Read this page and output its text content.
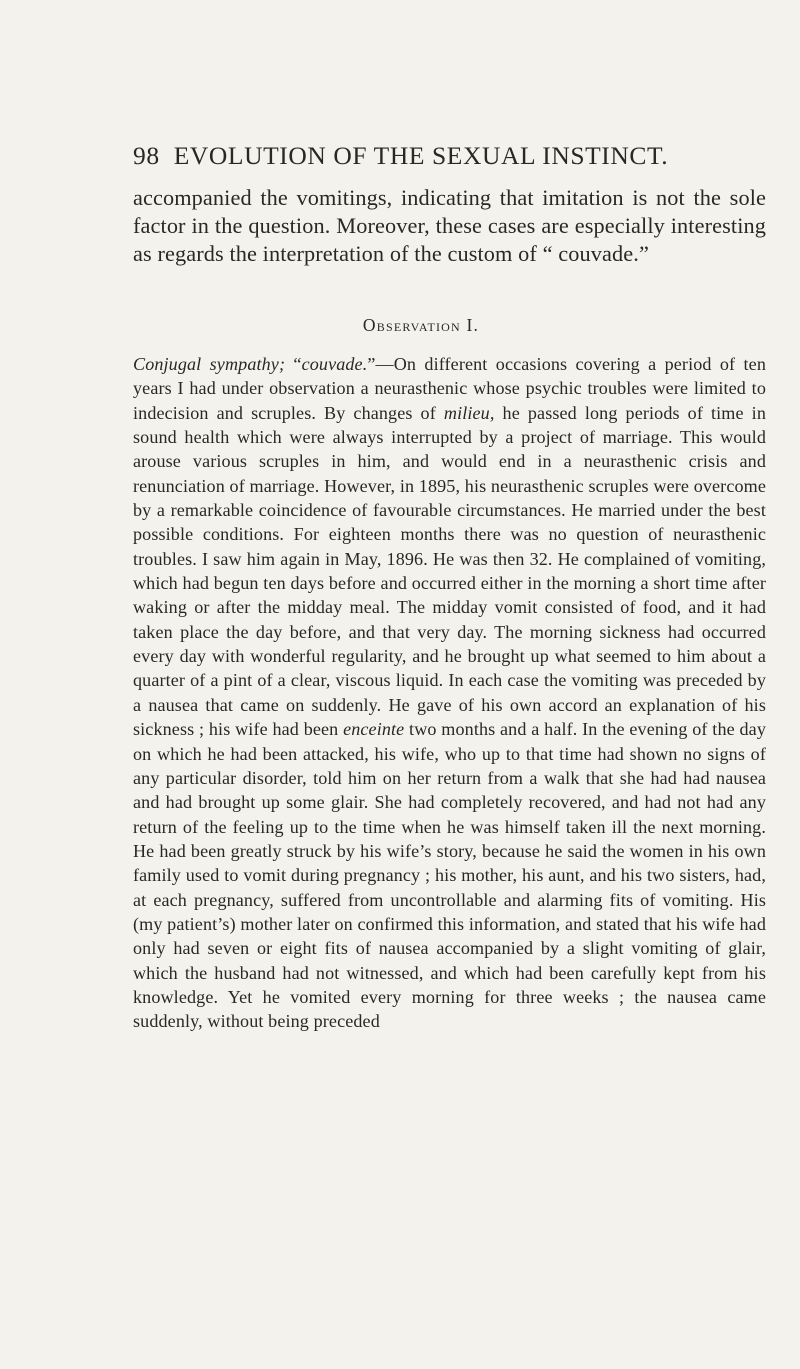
98 EVOLUTION OF THE SEXUAL INSTINCT.

accompanied the vomitings, indicating that imitation is not the sole factor in the question. Moreover, these cases are especially interesting as regards the interpretation of the custom of “ couvade.”

Observation I.

Conjugal sympathy; “couvade.”—On different occasions covering a period of ten years I had under observation a neurasthenic whose psychic troubles were limited to indecision and scruples. By changes of milieu, he passed long periods of time in sound health which were always interrupted by a project of marriage. This would arouse various scruples in him, and would end in a neurasthenic crisis and renunciation of marriage. However, in 1895, his neurasthenic scruples were overcome by a remarkable coincidence of favourable circumstances. He married under the best possible conditions. For eighteen months there was no question of neurasthenic troubles. I saw him again in May, 1896. He was then 32. He complained of vomiting, which had begun ten days before and occurred either in the morning a short time after waking or after the midday meal. The midday vomit consisted of food, and it had taken place the day before, and that very day. The morning sickness had occurred every day with wonderful regularity, and he brought up what seemed to him about a quarter of a pint of a clear, viscous liquid. In each case the vomiting was preceded by a nausea that came on suddenly. He gave of his own accord an explanation of his sickness ; his wife had been enceinte two months and a half. In the evening of the day on which he had been attacked, his wife, who up to that time had shown no signs of any particular disorder, told him on her return from a walk that she had had nausea and had brought up some glair. She had completely recovered, and had not had any return of the feeling up to the time when he was himself taken ill the next morning. He had been greatly struck by his wife’s story, because he said the women in his own family used to vomit during pregnancy ; his mother, his aunt, and his two sisters, had, at each pregnancy, suffered from uncontrollable and alarming fits of vomiting. His (my patient’s) mother later on confirmed this information, and stated that his wife had only had seven or eight fits of nausea accompanied by a slight vomiting of glair, which the husband had not witnessed, and which had been carefully kept from his knowledge. Yet he vomited every morning for three weeks ; the nausea came suddenly, without being preceded
